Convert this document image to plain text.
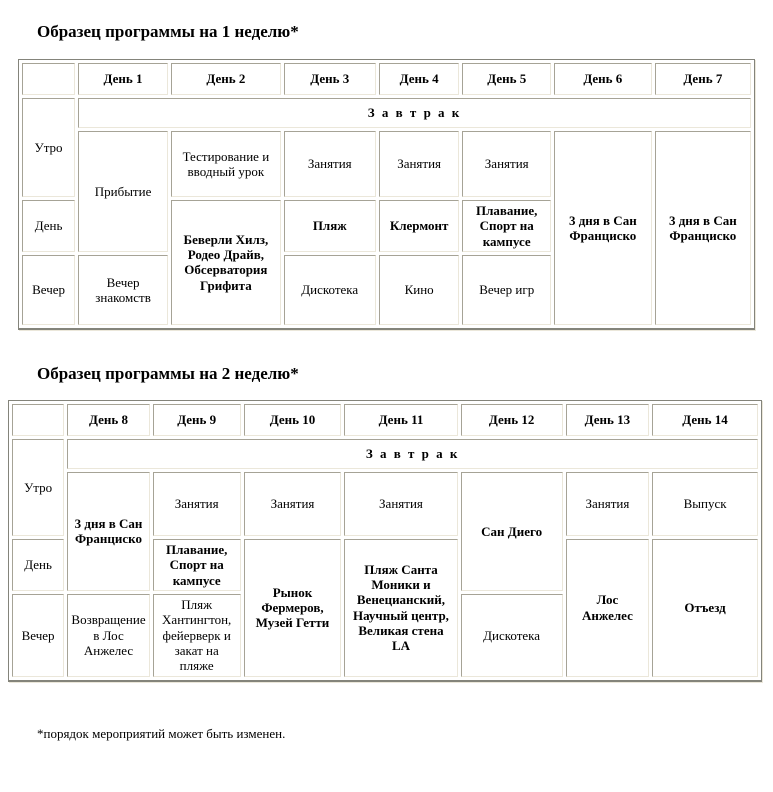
Образец программы на 1 неделю*

	День 1	День 2	День 3	День 4	День 5	День 6	День 7
Утро	З а в т р а к						
	Прибытие	Тестирование и вводный урок	Занятия	Занятия	Занятия	3 дня в Сан Франциско	3 дня в Сан Франциско
День		Беверли Хилз, Родео Драйв, Обсерватория Грифита	Пляж	Клермонт	Плавание, Спорт на кампусе		
Вечер	Вечер знакомств		Дискотека	Кино	Вечер игр		

Образец программы на 2 неделю*

	День 8	День 9	День 10	День 11	День 12	День 13	День 14
Утро	З а в т р а к						
	3 дня в Сан Франциско	Занятия	Занятия	Занятия	Сан Диего	Занятия	Выпуск
День		Плавание, Спорт на кампусе	Рынок Фермеров, Музей Гетти	Пляж Санта Моники и Венецианский, Научный центр, Великая стена LA		Лос Анжелес	Отъезд
Вечер	Возвращение в Лос Анжелес	Пляж Хантингтон, фейерверк и закат на пляже			Дискотека		

*порядок мероприятий может быть изменен.
